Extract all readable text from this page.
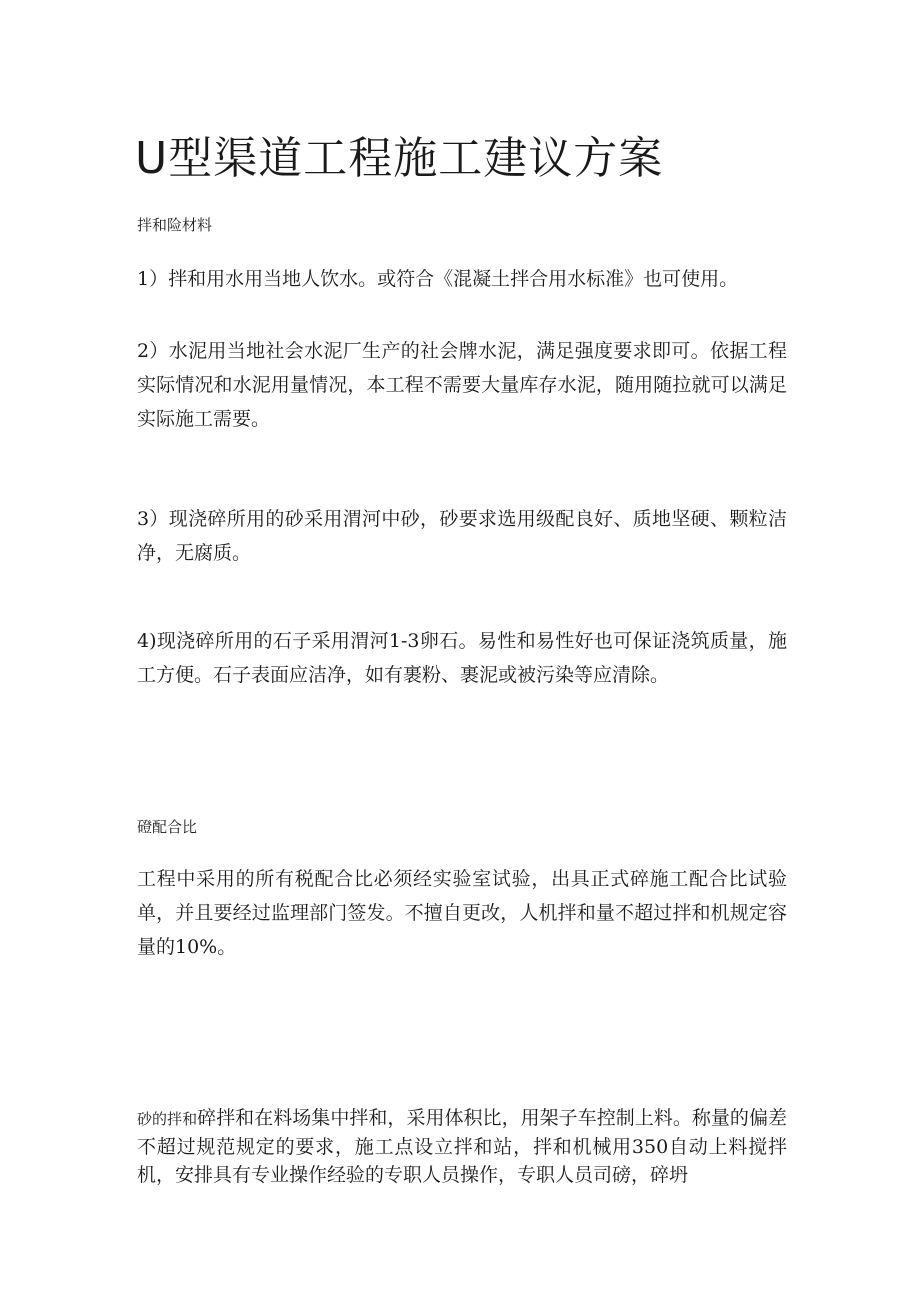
U型渠道工程施工建议方案
拌和险材料

1）拌和用水用当地人饮水。或符合《混凝土拌合用水标准》也可使用。

2）水泥用当地社会水泥厂生产的社会牌水泥，满足强度要求即可。依据工程实际情况和水泥用量情况，本工程不需要大量库存水泥，随用随拉就可以满足实际施工需要。

3）现浇碎所用的砂采用渭河中砂，砂要求选用级配良好、质地坚硬、颗粒洁净，无腐质。

4)现浇碎所用的石子采用渭河1-3卵石。易性和易性好也可保证浇筑质量，施工方便。石子表面应洁净，如有裹粉、裹泥或被污染等应清除。

磴配合比

工程中采用的所有税配合比必须经实验室试验，出具正式碎施工配合比试验单，并且要经过监理部门签发。不擅自更改，人机拌和量不超过拌和机规定容量的10%。

砂的拌和碎拌和在料场集中拌和，采用体积比，用架子车控制上料。称量的偏差不超过规范规定的要求，施工点设立拌和站，拌和机械用350自动上料搅拌机，安排具有专业操作经验的专职人员操作，专职人员司磅，碎坍
